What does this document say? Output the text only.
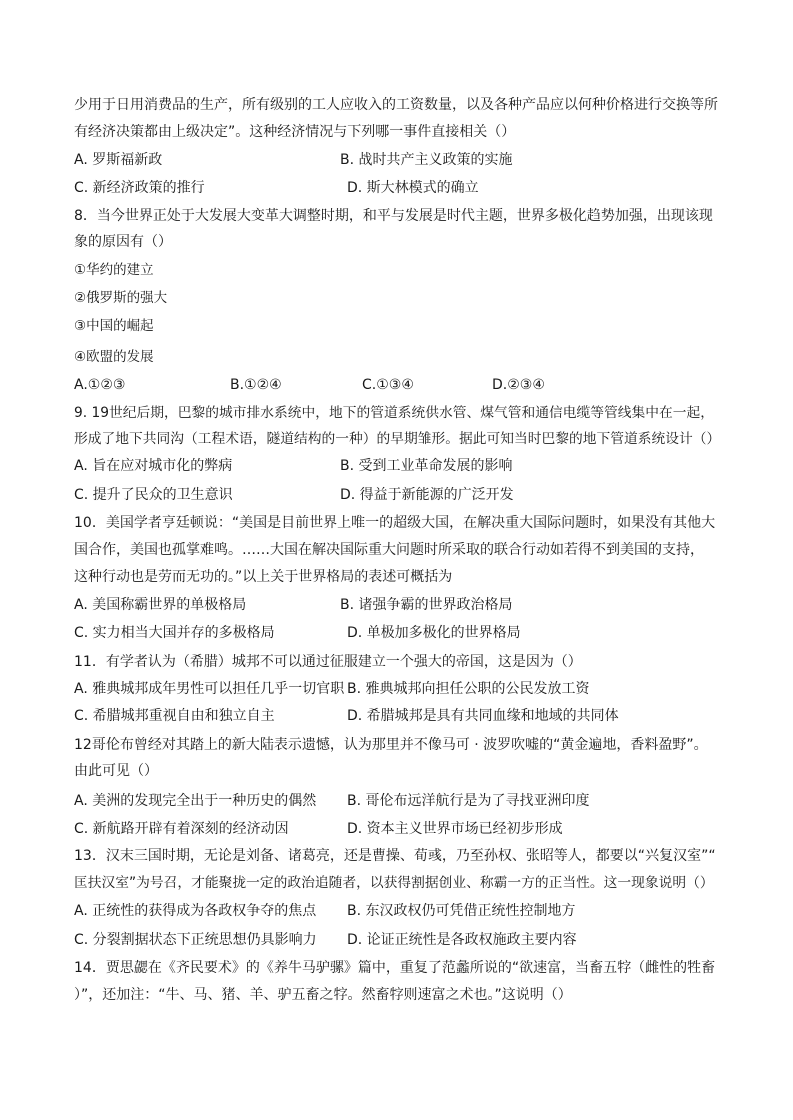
少用于日用消费品的生产，所有级别的工人应收入的工资数量，以及各种产品应以何种价格进行交换等所
有经济决策都由上级决定”。这种经济情况与下列哪一事件直接相关（）
A. 罗斯福新政	B. 战时共产主义政策的实施
C. 新经济政策的推行	D. 斯大林模式的确立
8．当今世界正处于大发展大变革大调整时期，和平与发展是时代主题，世界多极化趋势加强，出现该现
象的原因有（）
①华约的建立
②俄罗斯的强大
③中国的崛起
④欧盟的发展
A.①②③	B.①②④	C.①③④	D.②③④
9. 19世纪后期，巴黎的城市排水系统中，地下的管道系统供水管、煤气管和通信电缆等管线集中在一起，
形成了地下共同沟（工程术语，隧道结构的一种）的早期雏形。据此可知当时巴黎的地下管道系统设计（）
A. 旨在应对城市化的弊病	B. 受到工业革命发展的影响
C. 提升了民众的卫生意识	D. 得益于新能源的广泛开发
10．美国学者亨廷顿说：“美国是目前世界上唯一的超级大国，在解决重大国际问题时，如果没有其他大
国合作，美国也孤掌难鸣。……大国在解决国际重大问题时所采取的联合行动如若得不到美国的支持，
这种行动也是劳而无功的。”以上关于世界格局的表述可概括为
A. 美国称霸世界的单极格局	B. 诸强争霸的世界政治格局
C. 实力相当大国并存的多极格局	D. 单极加多极化的世界格局
11．有学者认为（希腊）城邦不可以通过征服建立一个强大的帝国，这是因为（）
A. 雅典城邦成年男性可以担任几乎一切官职 B. 雅典城邦向担任公职的公民发放工资
C. 希腊城邦重视自由和独立自主	D. 希腊城邦是具有共同血缘和地域的共同体
12哥伦布曾经对其踏上的新大陆表示遗憾，认为那里并不像马可 · 波罗吹嘘的“黄金遍地，香料盈野”。
由此可见（）
A. 美洲的发现完全出于一种历史的偶然 B. 哥伦布远洋航行是为了寻找亚洲印度
C. 新航路开辟有着深刻的经济动因	D. 资本主义世界市场已经初步形成
13．汉末三国时期，无论是刘备、诸葛亮，还是曹操、荀彧，乃至孙权、张昭等人，都要以“兴复汉室”“
匡扶汉室”为号召，才能聚拢一定的政治追随者，以获得割据创业、称霸一方的正当性。这一现象说明（）
A. 正统性的获得成为各政权争夺的焦点 B. 东汉政权仍可凭借正统性控制地方
C. 分裂割据状态下正统思想仍具影响力 D. 论证正统性是各政权施政主要内容
14．贾思勰在《齐民要术》的《养牛马驴骡》篇中，重复了范蠡所说的“欲速富，当畜五牸（雌性的牲畜
）”，还加注：“牛、马、猪、羊、驴五畜之牸。然畜牸则速富之术也。”这说明（）
